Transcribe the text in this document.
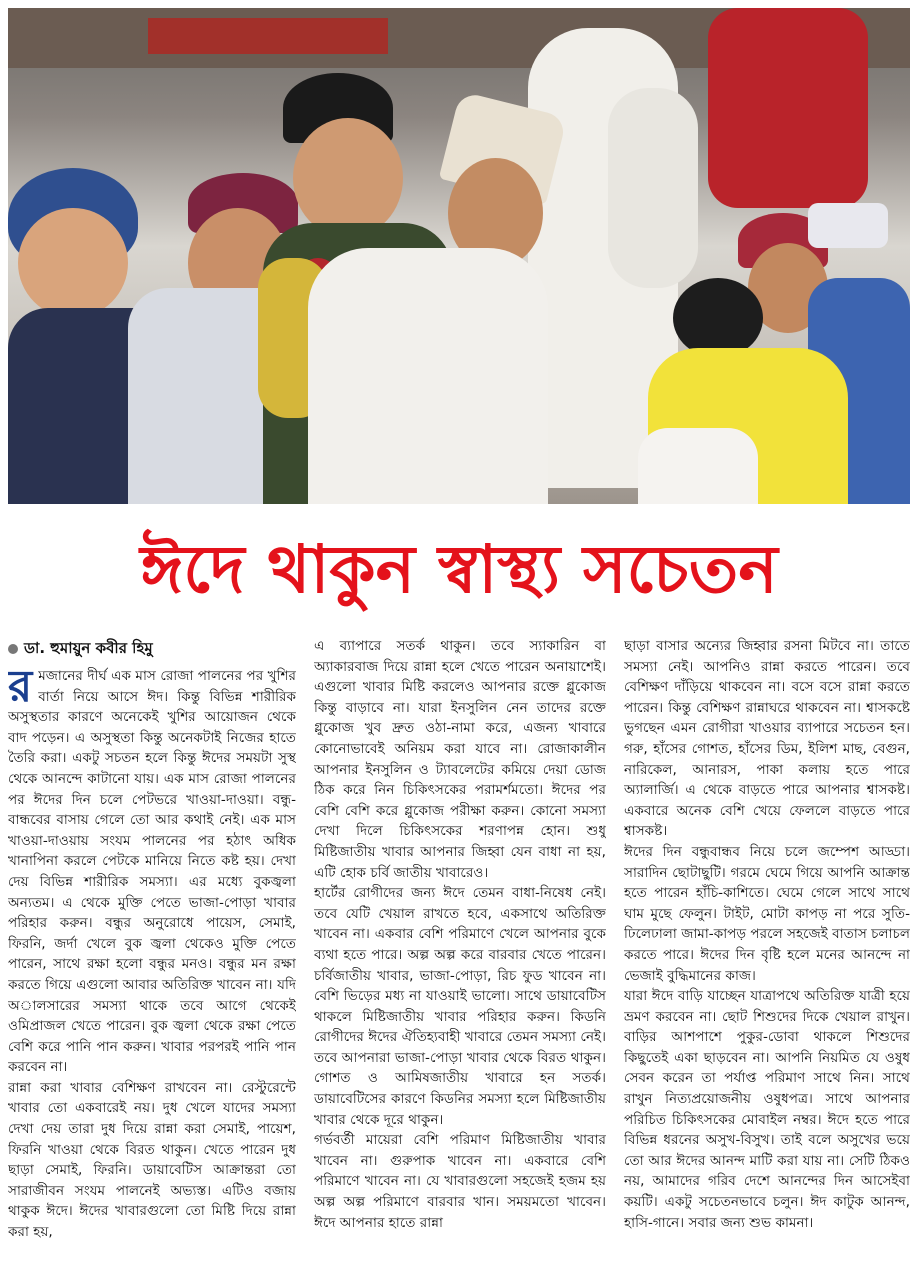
ঈদে থাকুন স্বাস্থ্য সচেতন
ডা. হুমায়ুন কবীর হিমু

রমজানের দীর্ঘ এক মাস রোজা পালনের পর খুশির বার্তা নিয়ে আসে ঈদ। কিন্তু বিভিন্ন শারীরিক অসুস্থতার কারণে অনেকেই খুশির আয়োজন থেকে বাদ পড়েন। এ অসুস্থতা কিন্তু অনেকটাই নিজের হাতে তৈরি করা। একটু সচতন হলে কিন্তু ঈদের সময়টা সুস্থ থেকে আনন্দে কাটানো যায়। এক মাস রোজা পালনের পর ঈদের দিন চলে পেটভরে খাওয়া-দাওয়া। বন্ধু-বান্ধবের বাসায় গেলে তো আর কথাই নেই। এক মাস খাওয়া-দাওয়ায় সংযম পালনের পর হঠাৎ অধিক খানাপিনা করলে পেটকে মানিয়ে নিতে কষ্ট হয়। দেখা দেয় বিভিন্ন শারীরিক সমস্যা। এর মধ্যে বুকজ্বলা অন্যতম। এ থেকে মুক্তি পেতে ভাজা-পোড়া খাবার পরিহার করুন। বন্ধুর অনুরোধে পায়েস, সেমাই, ফিরনি, জর্দা খেলে বুক জ্বলা থেকেও মুক্তি পেতে পারেন, সাথে রক্ষা হলো বন্ধুর মনও। বন্ধুর মন রক্ষা করতে গিয়ে এগুলো আবার অতিরিক্ত খাবেন না। যদি অালসারের সমস্যা থাকে তবে আগে থেকেই ওমিপ্রাজল খেতে পারেন। বুক জ্বলা থেকে রক্ষা পেতে বেশি করে পানি পান করুন। খাবার পরপরই পানি পান করবেন না।

রান্না করা খাবার বেশিক্ষণ রাখবেন না। রেস্টুরেন্টে খাবার তো একবারেই নয়। দুধ খেলে যাদের সমস্যা দেখা দেয় তারা দুধ দিয়ে রান্না করা সেমাই, পায়েশ, ফিরনি খাওয়া থেকে বিরত থাকুন। খেতে পারেন দুধ ছাড়া সেমাই, ফিরনি। ডায়াবেটিস আক্রান্তরা তো সারাজীবন সংযম পালনেই অভ্যস্ত। এটিও বজায় থাকুক ঈদে। ঈদের খাবারগুলো তো মিষ্টি দিয়ে রান্না করা হয়,

এ ব্যাপারে সতর্ক থাকুন। তবে স্যাকারিন বা অ্যাকারবাজ দিয়ে রান্না হলে খেতে পারেন অনায়াশেই। এগুলো খাবার মিষ্টি করলেও আপনার রক্তে গ্লুকোজ কিন্তু বাড়াবে না। যারা ইনসুলিন নেন তাদের রক্তে গ্লুকোজ খুব দ্রুত ওঠা-নামা করে, এজন্য খাবারে কোনোভাবেই অনিয়ম করা যাবে না। রোজাকালীন আপনার ইনসুলিন ও ট্যাবলেটের কমিয়ে দেয়া ডোজ ঠিক করে নিন চিকিৎসকের পরামর্শমতো। ঈদের পর বেশি বেশি করে গ্লুকোজ পরীক্ষা করুন। কোনো সমস্যা দেখা দিলে চিকিৎসকের শরণাপন্ন হোন। শুধু মিষ্টিজাতীয় খাবার আপনার জিহ্বা যেন বাধা না হয়, এটি হোক চর্বি জাতীয় খাবারেও।

হার্টের রোগীদের জন্য ঈদে তেমন বাধা-নিষেধ নেই। তবে যেটি খেয়াল রাখতে হবে, একসাথে অতিরিক্ত খাবেন না। একবার বেশি পরিমাণে খেলে আপনার বুকে ব্যথা হতে পারে। অল্প অল্প করে বারবার খেতে পারেন। চর্বিজাতীয় খাবার, ভাজা-পোড়া, রিচ ফুড খাবেন না। বেশি ভিড়ের মধ্য না যাওয়াই ভালো। সাথে ডায়াবেটিস থাকলে মিষ্টিজাতীয় খাবার পরিহার করুন। কিডনি রোগীদের ঈদের ঐতিহ্যবাহী খাবারে তেমন সমস্যা নেই। তবে আপনারা ভাজা-পোড়া খাবার থেকে বিরত থাকুন। গোশত ও আমিষজাতীয় খাবারে হন সতর্ক। ডায়াবেটিসের কারণে কিডনির সমস্যা হলে মিষ্টিজাতীয় খাবার থেকে দূরে থাকুন।

গর্ভবর্তী মায়েরা বেশি পরিমাণ মিষ্টিজাতীয় খাবার খাবেন না। গুরুপাক খাবেন না। একবারে বেশি পরিমাণে খাবেন না। যে খাবারগুলো সহজেই হজম হয় অল্প অল্প পরিমাণে বারবার খান। সময়মতো খাবেন। ঈদে আপনার হাতে রান্না

ছাড়া বাসার অন্যের জিহ্বার রসনা মিটবে না। তাতে সমস্যা নেই। আপনিও রান্না করতে পারেন। তবে বেশিক্ষণ দাঁড়িয়ে থাকবেন না। বসে বসে রান্না করতে পারেন। কিন্তু বেশিক্ষণ রান্নাঘরে থাকবেন না। শ্বাসকষ্টে ভুগছেন এমন রোগীরা খাওয়ার ব্যাপারে সচেতন হন। গরু, হাঁসের গোশত, হাঁসের ডিম, ইলিশ মাছ, বেগুন, নারিকেল, আনারস, পাকা কলায় হতে পারে অ্যালার্জি। এ থেকে বাড়তে পারে আপনার শ্বাসকষ্ট। একবারে অনেক বেশি খেয়ে ফেললে বাড়তে পারে শ্বাসকষ্ট।

ঈদের দিন বন্ধুবান্ধব নিয়ে চলে জম্পেশ আড্ডা। সারাদিন ছোটাছুটি। গরমে ঘেমে গিয়ে আপনি আক্রান্ত হতে পারেন হাঁচি-কাশিতে। ঘেমে গেলে সাথে সাথে ঘাম মুছে ফেলুন। টাইট, মোটা কাপড় না পরে সুতি-ঢিলেঢালা জামা-কাপড় পরলে সহজেই বাতাস চলাচল করতে পারে। ঈদের দিন বৃষ্টি হলে মনের আনন্দে না ভেজাই বুদ্ধিমানের কাজ।

যারা ঈদে বাড়ি যাচ্ছেন যাত্রাপথে অতিরিক্ত যাত্রী হয়ে ভ্রমণ করবেন না। ছোট শিশুদের দিকে খেয়াল রাখুন। বাড়ির আশপাশে পুকুর-ডোবা থাকলে শিশুদের কিছুতেই একা ছাড়বেন না। আপনি নিয়মিত যে ওষুধ সেবন করেন তা পর্যাপ্ত পরিমাণ সাথে নিন। সাথে রাখুন নিত্যপ্রয়োজনীয় ওষুধপত্র। সাথে আপনার পরিচিত চিকিৎসকের মোবাইল নম্বর। ঈদে হতে পারে বিভিন্ন ধরনের অসুখ-বিসুখ। তাই বলে অসুখের ভয়ে তো আর ঈদের আনন্দ মাটি করা যায় না। সেটি ঠিকও নয়, আমাদের গরিব দেশে আনন্দের দিন আসেইবা কয়টি। একটু সচেতনভাবে চলুন। ঈদ কাটুক আনন্দ, হাসি-গানে। সবার জন্য শুভ কামনা।
